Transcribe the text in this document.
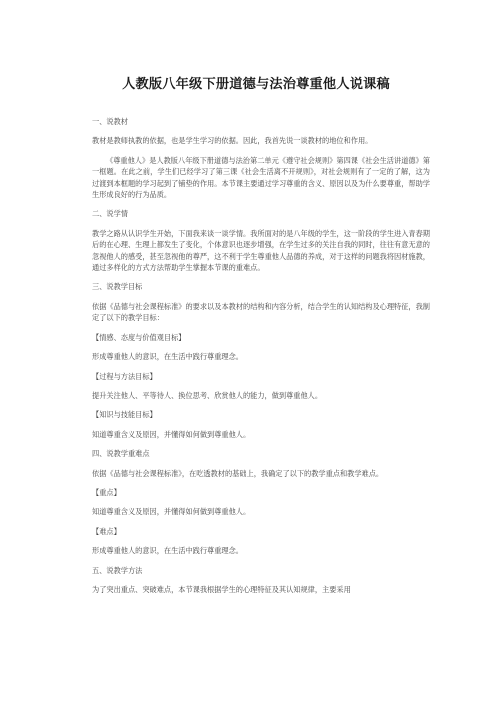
人教版八年级下册道德与法治尊重他人说课稿

一、说教材

教材是教师执教的依据，也是学生学习的依据。因此，我首先说一谈教材的地位和作用。

《尊重他人》是人教版八年级下册道德与法治第二单元《遵守社会规则》第四课《社会生活讲道德》第一框题。在此之前，学生们已经学习了第三课《社会生活离不开规则》，对社会规则有了一定的了解，这为过渡到本框题的学习起到了铺垫的作用。本节课主要通过学习尊重的含义、原因以及为什么要尊重，帮助学生形成良好的行为品质。

二、说学情

教学之路从认识学生开始，下面我来谈一谈学情。我所面对的是八年级的学生，这一阶段的学生进入青春期后的在心理、生理上都发生了变化，个体意识也逐步增强，在学生过多的关注自我的同时，往往有意无意的忽视他人的感受，甚至忽视他的尊严，这不利于学生尊重他人品德的养成，对于这样的问题我将因材施教，通过多样化的方式方法帮助学生掌握本节课的重难点。

三、说教学目标

依据《品德与社会课程标准》的要求以及本教材的结构和内容分析，结合学生的认知结构及心理特征，我制定了以下的教学目标：

【情感、态度与价值观目标】

形成尊重他人的意识，在生活中践行尊重理念。

【过程与方法目标】

提升关注他人、平等待人、换位思考、欣赏他人的能力，做到尊重他人。

【知识与技能目标】

知道尊重含义及原因，并懂得如何做到尊重他人。

四、说教学重难点

依据《品德与社会课程标准》，在吃透教材的基础上，我确定了以下的教学重点和教学难点。

【重点】

知道尊重含义及原因，并懂得如何做到尊重他人。

【难点】

形成尊重他人的意识，在生活中践行尊重理念。

五、说教学方法

为了突出重点、突破难点，本节课我根据学生的心理特征及其认知规律，主要采用
